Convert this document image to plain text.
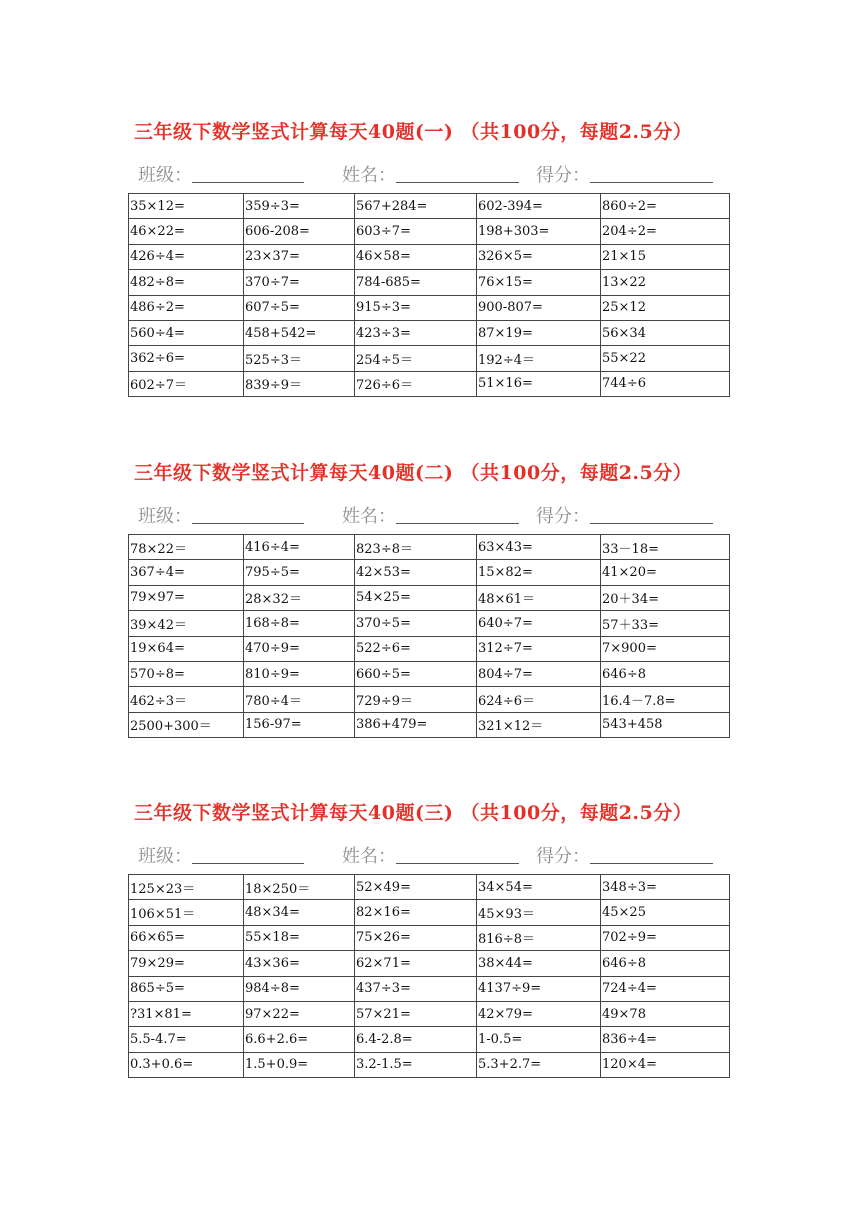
三年级下数学竖式计算每天40题(一) （共100分，每题2.5分）
班级：	姓名：	得分：
35×12=	359÷3=	567+284=	602-394=	860÷2=
46×22=	606-208=	603÷7=	198+303=	204÷2=
426÷4=	23×37=	46×58=	326×5=	21×15
482÷8=	370÷7=	784-685=	76×15=	13×22
486÷2=	607÷5=	915÷3=	900-807=	25×12
560÷4=	458+542=	423÷3=	87×19=	56×34
362÷6=	525÷3＝	254÷5＝	192÷4＝	55×22
602÷7＝	839÷9＝	726÷6＝	51×16=	744÷6
三年级下数学竖式计算每天40题(二) （共100分，每题2.5分）
班级：	姓名：	得分：
78×22＝	416÷4=	823÷8＝	63×43=	33－18=
367÷4=	795÷5=	42×53=	15×82=	41×20=
79×97=	28×32＝	54×25=	48×61＝	20＋34=
39×42＝	168÷8=	370÷5=	640÷7=	57＋33=
19×64=	470÷9=	522÷6=	312÷7=	7×900=
570÷8=	810÷9=	660÷5=	804÷7=	646÷8
462÷3＝	780÷4＝	729÷9＝	624÷6＝	16.4－7.8=
2500+300＝	156-97=	386+479=	321×12＝	543+458
三年级下数学竖式计算每天40题(三) （共100分，每题2.5分）
班级：	姓名：	得分：
125×23＝	18×250＝	52×49=	34×54=	348÷3=
106×51＝	48×34=	82×16=	45×93＝	45×25
66×65=	55×18=	75×26=	816÷8＝	702÷9=
79×29=	43×36=	62×71=	38×44=	646÷8
865÷5=	984÷8=	437÷3=	4137÷9=	724÷4=
?31×81=	97×22=	57×21=	42×79=	49×78
5.5-4.7=	6.6+2.6=	6.4-2.8=	1-0.5=	836÷4=
0.3+0.6=	1.5+0.9=	3.2-1.5=	5.3+2.7=	120×4=
